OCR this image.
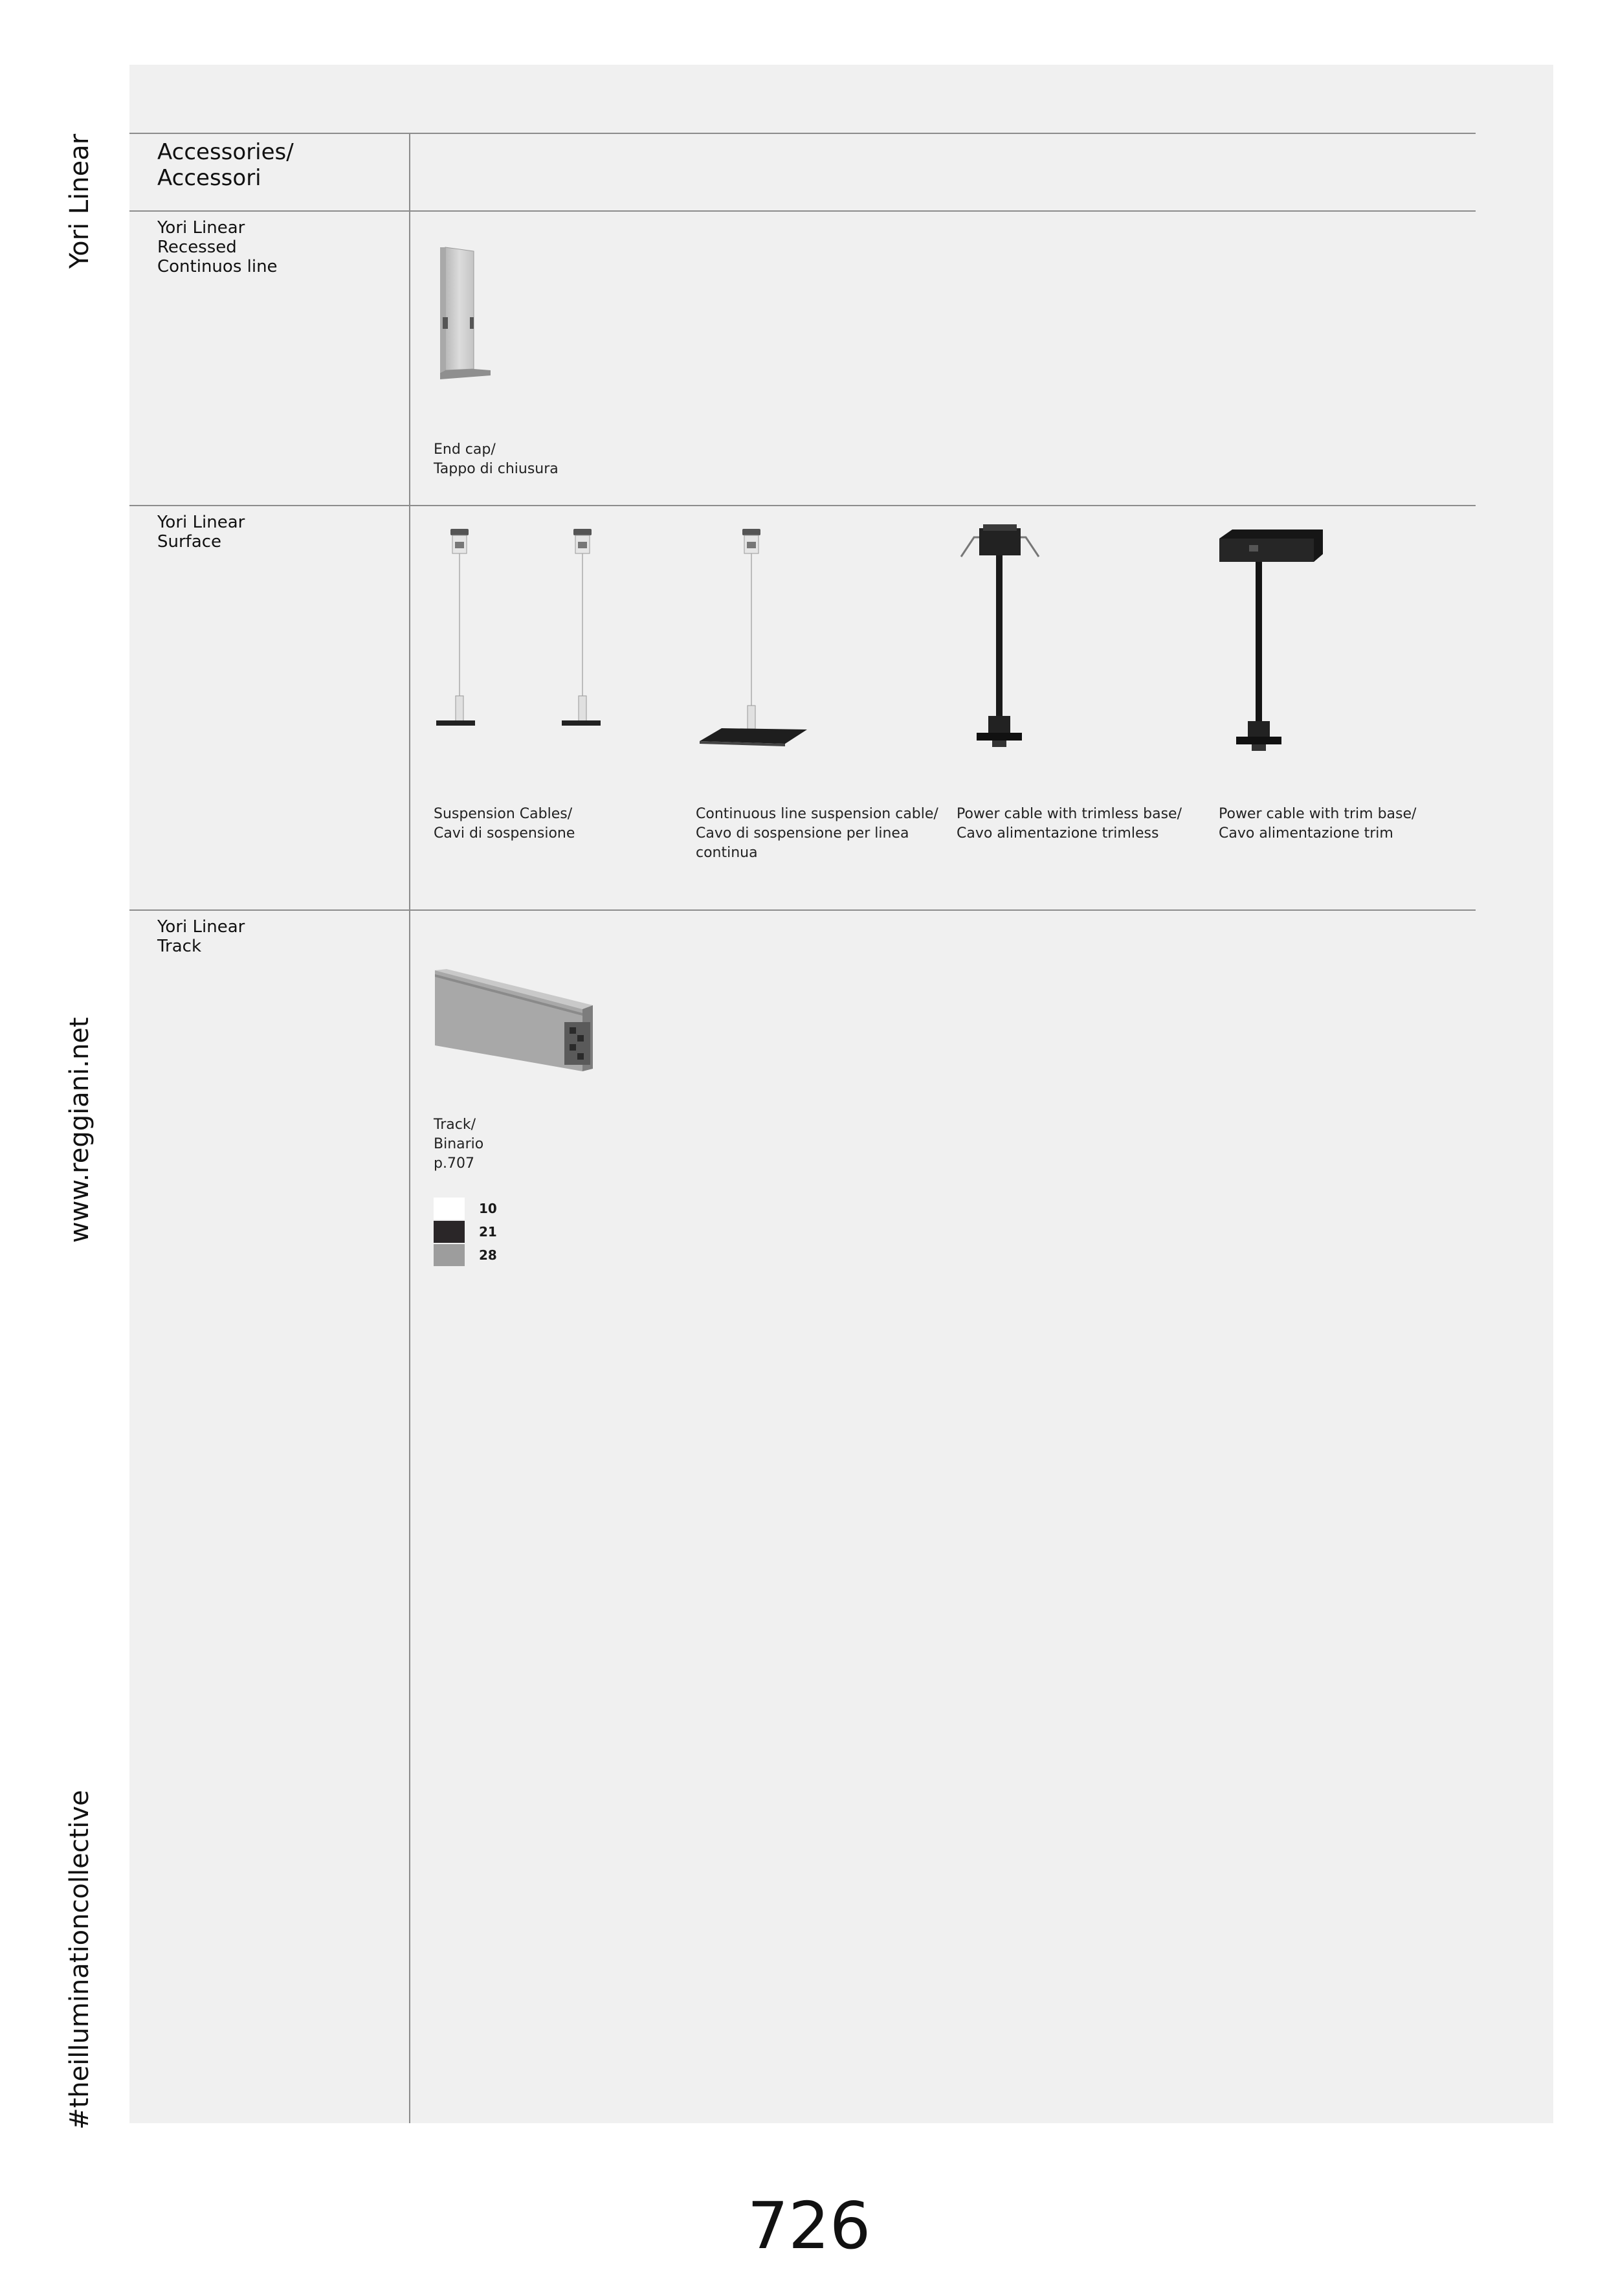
Yori Linear
www.reggiani.net
#theilluminationcollective
Accessories/
Accessori
Yori Linear
Recessed
Continuos line
End cap/
Tappo di chiusura
Yori Linear
Surface
Suspension Cables/
Cavi di sospensione
Continuous line suspension cable/
Cavo di sospensione per linea
continua
Power cable with trimless base/
Cavo alimentazione trimless
Power cable with trim base/
Cavo alimentazione trim
Yori Linear
Track
Track/
Binario
p.707
10
21
28
726
